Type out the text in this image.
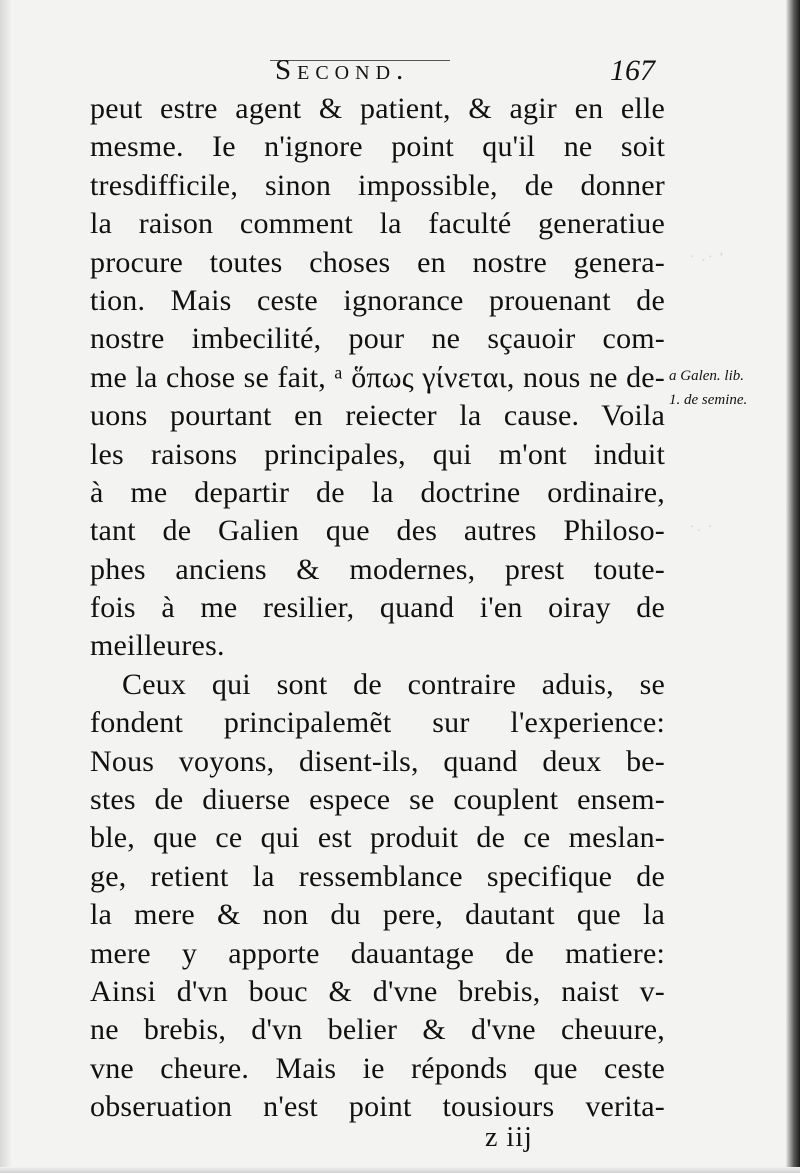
·  . ∙  ʻ
∙ .  ·
Second.	167
peut estre agent & patient, & agir en elle
mesme. Ie n'ignore point qu'il ne soit
tresdifficile, sinon impossible, de donner
la raison comment la faculté generatiue
procure toutes choses en nostre genera-
tion. Mais ceste ignorance prouenant de
nostre imbecilité, pour ne sçauoir com-
me la chose se fait, ᵃ ὅπως γίνεται, nous ne de-
uons pourtant en reiecter la cause. Voila
les raisons principales, qui m'ont induit
à me departir de la doctrine ordinaire,
tant de Galien que des autres Philoso-
phes anciens & modernes, prest toute-
fois à me resilier, quand i'en oiray de
meilleures.
Ceux qui sont de contraire aduis, se
fondent principalemẽt sur l'experience:
Nous voyons, disent-ils, quand deux be-
stes de diuerse espece se couplent ensem-
ble, que ce qui est produit de ce meslan-
ge, retient la ressemblance specifique de
la mere & non du pere, dautant que la
mere y apporte dauantage de matiere:
Ainsi d'vn bouc & d'vne brebis, naist v-
ne brebis, d'vn belier & d'vne cheuure,
vne cheure. Mais ie réponds que ceste
obseruation n'est point tousiours verita-
a Galen. lib.
1. de semine.
z iij
